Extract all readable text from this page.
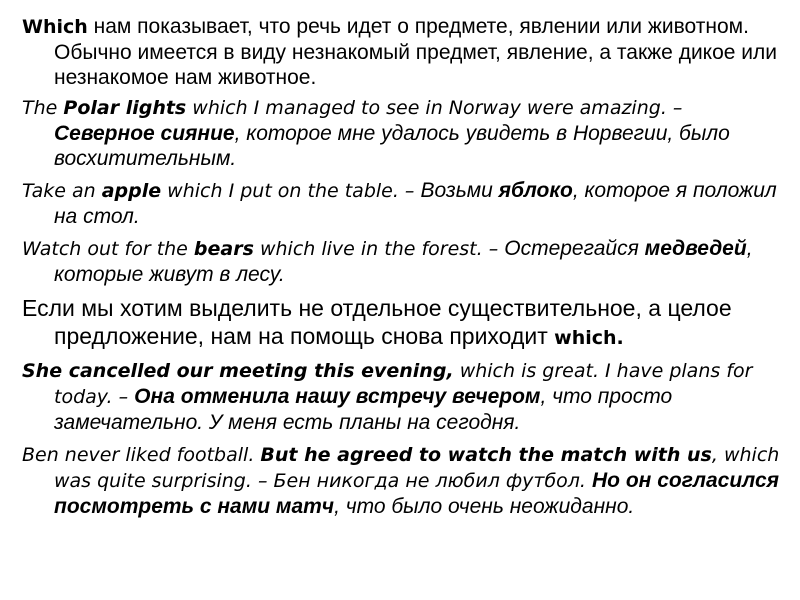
Which нам показывает, что речь идет о предмете, явлении или животном. Обычно имеется в виду незнакомый предмет, явление, а также дикое или незнакомое нам животное.

The Polar lights which I managed to see in Norway were amazing. – Северное сияние, которое мне удалось увидеть в Норвегии, было восхитительным.

Take an apple which I put on the table. – Возьми яблоко, которое я положил на стол.

Watch out for the bears which live in the forest. – Остерегайся медведей, которые живут в лесу.

Если мы хотим выделить не отдельное существительное, а целое предложение, нам на помощь снова приходит which.

She cancelled our meeting this evening, which is great. I have plans for today. – Она отменила нашу встречу вечером, что просто замечательно. У меня есть планы на сегодня.

Ben never liked football. But he agreed to watch the match with us, which was quite surprising. – Бен никогда не любил футбол. Но он согласился посмотреть с нами матч, что было очень неожиданно.
